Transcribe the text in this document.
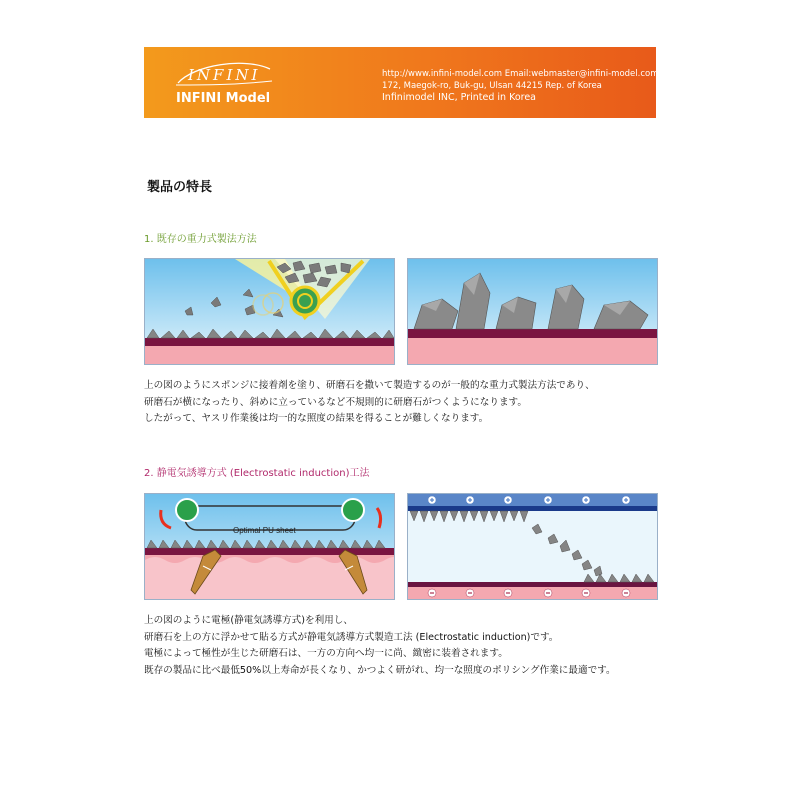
INFINI
INFINI Model
http://www.infini-model.com Email:webmaster@infini-model.com
172, Maegok-ro, Buk-gu, Ulsan 44215 Rep. of Korea
Infinimodel INC, Printed in Korea
製品の特長
1. 既存の重力式製法方法
上の図のようにスポンジに接着剤を塗り、研磨石を撒いて製造するのが一般的な重力式製法方法であり、
研磨石が横になったり、斜めに立っているなど不規則的に研磨石がつくようになります。
したがって、ヤスリ作業後は均一的な照度の結果を得ることが難しくなります。
2. 静電気誘導方式 (Electrostatic induction)工法
Optimal PU sheet
上の図のように電極(静電気誘導方式)を利用し、
研磨石を上の方に浮かせて貼る方式が静電気誘導方式製造工法 (Electrostatic induction)です。
電極によって極性が生じた研磨石は、一方の方向へ均一に尚、緻密に装着されます。
既存の製品に比べ最低50%以上寿命が長くなり、かつよく研がれ、均一な照度のポリシング作業に最適です。
